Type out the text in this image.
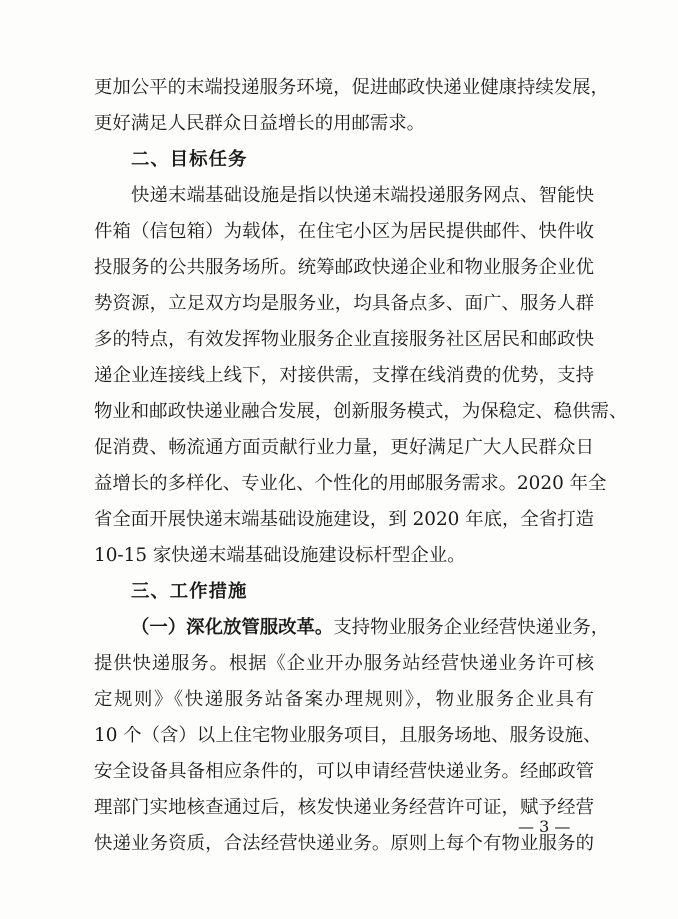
更加公平的末端投递服务环境，促进邮政快递业健康持续发展，
更好满足人民群众日益增长的用邮需求。
二、目标任务
快递末端基础设施是指以快递末端投递服务网点、智能快
件箱（信包箱）为载体，在住宅小区为居民提供邮件、快件收
投服务的公共服务场所。统筹邮政快递企业和物业服务企业优
势资源，立足双方均是服务业，均具备点多、面广、服务人群
多的特点，有效发挥物业服务企业直接服务社区居民和邮政快
递企业连接线上线下，对接供需，支撑在线消费的优势，支持
物业和邮政快递业融合发展，创新服务模式，为保稳定、稳供需、
促消费、畅流通方面贡献行业力量，更好满足广大人民群众日
益增长的多样化、专业化、个性化的用邮服务需求。2020 年全
省全面开展快递末端基础设施建设，到 2020 年底，全省打造
10-15 家快递末端基础设施建设标杆型企业。
三、工作措施
（一）深化放管服改革。支持物业服务企业经营快递业务，
提供快递服务。根据《企业开办服务站经营快递业务许可核
定规则》《快递服务站备案办理规则》，物业服务企业具有
10 个（含）以上住宅物业服务项目，且服务场地、服务设施、
安全设备具备相应条件的，可以申请经营快递业务。经邮政管
理部门实地核查通过后，核发快递业务经营许可证，赋予经营
快递业务资质，合法经营快递业务。原则上每个有物业服务的
— 3 —
